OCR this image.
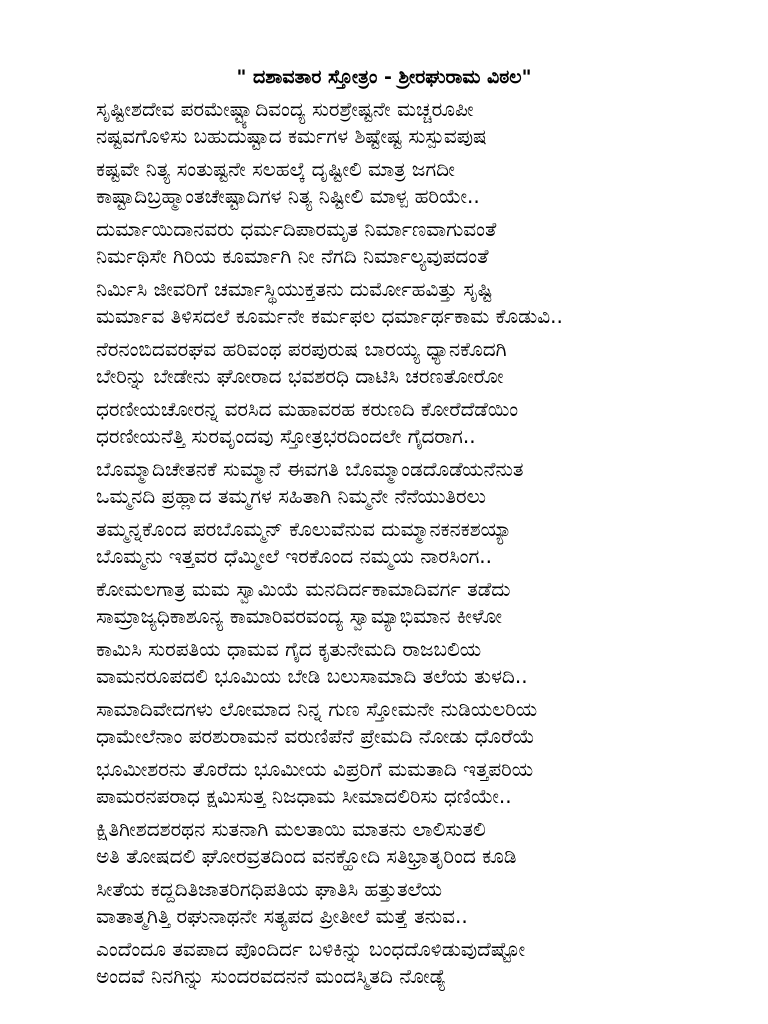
" ದಶಾವತಾರ ಸ್ತೋತ್ರಂ - ಶ್ರೀರಘುರಾಮ ವಿಠಲ"
ಸೃಷ್ಟೀಶದೇವ ಪರಮೇಷ್ಟ್ಯಾದಿವಂದ್ಯ ಸುರಶ್ರೇಷ್ಟನೇ ಮಚ್ಚರೂಪೀ
ನಷ್ಟವಗೊಳಿಸು ಬಹುದುಷ್ಟಾದ ಕರ್ಮಗಳ ಶಿಷ್ಟೇಷ್ಟ ಸುಸ್ಪುವಪುಷ
ಕಷ್ಟವೇ ನಿತ್ಯ ಸಂತುಷ್ಟನೇ ಸಲಹಲ್ಕೆ ದೃಷ್ಟೀಲಿ ಮಾತ್ರ ಜಗದೀ
ಕಾಷ್ಟಾದಿಬ್ರಹ್ಮಾಂತಚೇಷ್ಟಾದಿಗಳ ನಿತ್ಯ ನಿಷ್ಟೀಲಿ ಮಾಳ್ಪ ಹರಿಯೇ..
ದುರ್ಮಾಯಿದಾನವರು ಧರ್ಮದಿಪಾರಮೃತ ನಿರ್ಮಾಣವಾಗುವಂತೆ
ನಿರ್ಮಥಿಸೇ ಗಿರಿಯ ಕೂರ್ಮಾಗಿ ನೀ ನೆಗದಿ ನಿರ್ಮಾಲ್ಯವುಪದಂತೆ
ನಿರ್ಮಿಸಿ ಜೀವರಿಗೆ ಚರ್ಮಾಸ್ಥಿಯುಕ್ತತನು ದುರ್ಮೋಹವಿತ್ತು ಸೃಷ್ಟಿ
ಮರ್ಮಾವ ತಿಳಿಸದಲೆ ಕೂರ್ಮನೇ ಕರ್ಮಫಲ ಧರ್ಮಾರ್ಥಕಾಮ ಕೊಡುವಿ..
ನೆರನಂಬಿದವರಘವ ಹರಿವಂಥ ಪರಪುರುಷ ಬಾರಯ್ಯ ಧ್ಯಾನಕೊದಗಿ
ಬೇರಿನ್ನು ಬೇಡೇನು ಘೋರಾದ ಭವಶರಧಿ ದಾಟಿಸಿ ಚರಣತೋರೋ
ಧರಣೀಯಚೋರನ್ನ ವರಸಿದ ಮಹಾವರಹ ಕರುಣದಿ ಕೋರೆದೆಡೆಯಿಂ
ಧರಣೀಯನೆತ್ತಿ ಸುರವೃಂದವು ಸ್ತೋತ್ರಭರದಿಂದಲೇ ಗೈದರಾಗ..
ಬೊಮ್ಮಾದಿಚೇತನಕೆ ಸುಮ್ಮಾನೆ ಈವಗತಿ ಬೊಮ್ಮಾಂಡದೊಡೆಯನೆನುತ
ಒಮ್ಮನದಿ ಪ್ರಹ್ಲಾದ ತಮ್ಮಗಳ ಸಹಿತಾಗಿ ನಿಮ್ಮನೇ ನೆನೆಯುತಿರಲು
ತಮ್ಮನ್ನಕೊಂದ ಪರಬೊಮ್ಮನ್ ಕೊಲುವೆನುವ ದುಮ್ಮಾನಕನಕಶಯ್ಯಾ
ಬೊಮ್ಮನು ಇತ್ತವರ ಧೆಮ್ಮೀಲೆ ಇರಕೊಂದ ನಮ್ಮಯ ನಾರಸಿಂಗ..
ಕೋಮಲಗಾತ್ರ ಮಮ ಸ್ವಾಮಿಯೆ ಮನದಿರ್ದಕಾಮಾದಿವರ್ಗ ತಡೆದು
ಸಾಮ್ರಾಜ್ಯಧಿಕಾಶೂನ್ಯ ಕಾಮಾರಿವರವಂದ್ಯ ಸ್ವಾಮ್ಯಾಭಿಮಾನ ಕೀಳೋ
ಕಾಮಿಸಿ ಸುರಪತಿಯ ಧಾಮವ ಗೈದ ಕೃತುನೇಮದಿ ರಾಜಬಲಿಯ
ವಾಮನರೂಪದಲಿ ಭೂಮಿಯ ಬೇಡಿ ಬಲುಸಾಮಾದಿ ತಲೆಯ ತುಳದಿ..
ಸಾಮಾದಿವೇದಗಳು ಲೋಮಾದ ನಿನ್ನ ಗುಣ ಸ್ತೋಮನೇ ನುಡಿಯಲರಿಯ
ಧಾಮೇಲೆನಾಂ ಪರಶುರಾಮನೆ ವರುಣಿಪೆನೆ ಪ್ರೇಮದಿ ನೋಡು ಧೊರೆಯೆ
ಭೂಮೀಶರನು ತೊರೆದು ಭೂಮೀಯ ವಿಪ್ರರಿಗೆ ಮಮತಾದಿ ಇತ್ತಪರಿಯ
ಪಾಮರನಪರಾಧ ಕ್ಷಮಿಸುತ್ತ ನಿಜಧಾಮ ಸೀಮಾದಲಿರಿಸು ಧಣಿಯೇ..
ಕ್ಷಿತಿಗೀಶದಶರಥನ ಸುತನಾಗಿ ಮಲತಾಯಿ ಮಾತನು ಲಾಲಿಸುತಲಿ
ಅತಿ ತೋಷದಲಿ ಘೋರವ್ರತದಿಂದ ವನಕ್ಹೋದಿ ಸತಿಭ್ರಾತೃರಿಂದ ಕೂಡಿ
ಸೀತೆಯ ಕದ್ದದಿತಿಜಾತರಿಗಧಿಪತಿಯ ಘಾತಿಸಿ ಹತ್ತುತಲೆಯ
ವಾತಾತ್ಮಗಿತ್ತಿ ರಘುನಾಥನೇ ಸತ್ಯಪದ ಪ್ರೀತೀಲೆ ಮತ್ತೆ ತನುವ..
ಎಂದೆಂದೂ ತವಪಾದ ಪೊಂದಿರ್ದ ಬಳಿಕಿನ್ನು ಬಂಧದೊಳಿಡುವುದೆಷ್ಟೋ
ಅಂದವೆ ನಿನಗಿನ್ನು ಸುಂದರವದನನೆ ಮಂದಸ್ಮಿತದಿ ನೋಡ್ಯೆ
